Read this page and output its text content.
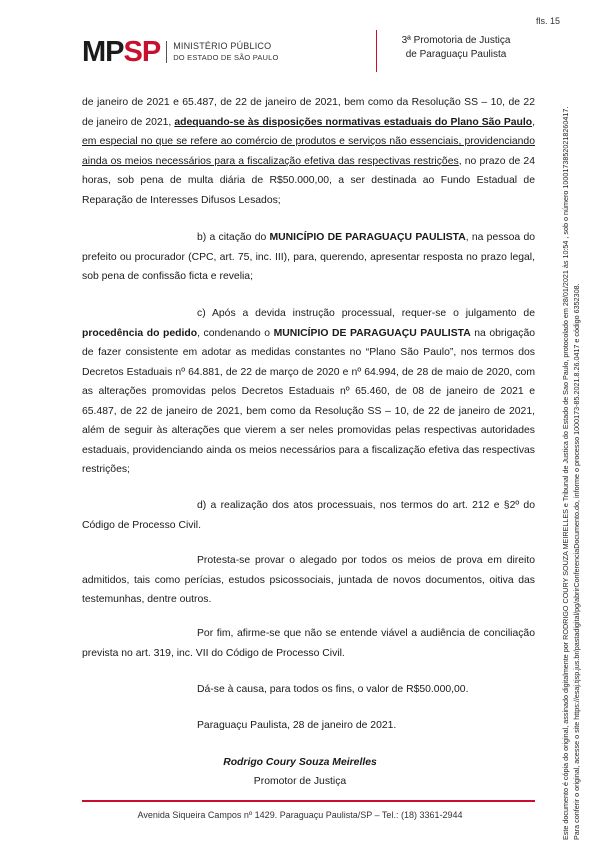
fls. 15
MP SP MINISTÉRIO PÚBLICO
DO ESTADO DE SÃO PAULO
3ª Promotoria de Justiça
de Paraguaçu Paulista

de janeiro de 2021 e 65.487, de 22 de janeiro de 2021, bem como da Resolução SS – 10, de 22 de janeiro de 2021, adequando-se às disposições normativas estaduais do Plano São Paulo, em especial no que se refere ao comércio de produtos e serviços não essenciais, providenciando ainda os meios necessários para a fiscalização efetiva das respectivas restrições, no prazo de 24 horas, sob pena de multa diária de R$50.000,00, a ser destinada ao Fundo Estadual de Reparação de Interesses Difusos Lesados;

b) a citação do MUNICÍPIO DE PARAGUAÇU PAULISTA, na pessoa do prefeito ou procurador (CPC, art. 75, inc. III), para, querendo, apresentar resposta no prazo legal, sob pena de confissão ficta e revelia;

c) Após a devida instrução processual, requer-se o julgamento de procedência do pedido, condenando o MUNICÍPIO DE PARAGUAÇU PAULISTA na obrigação de fazer consistente em adotar as medidas constantes no “Plano São Paulo”, nos termos dos Decretos Estaduais nº 64.881, de 22 de março de 2020 e nº 64.994, de 28 de maio de 2020, com as alterações promovidas pelos Decretos Estaduais nº 65.460, de 08 de janeiro de 2021 e 65.487, de 22 de janeiro de 2021, bem como da Resolução SS – 10, de 22 de janeiro de 2021, além de seguir às alterações que vierem a ser neles promovidas pelas respectivas autoridades estaduais, providenciando ainda os meios necessários para a fiscalização efetiva das respectivas restrições;

d) a realização dos atos processuais, nos termos do art. 212 e §2º do Código de Processo Civil.

Protesta-se provar o alegado por todos os meios de prova em direito admitidos, tais como perícias, estudos psicossociais, juntada de novos documentos, oitiva das testemunhas, dentre outros.

Por fim, afirme-se que não se entende viável a audiência de conciliação prevista no art. 319, inc. VII do Código de Processo Civil.

Dá-se à causa, para todos os fins, o valor de R$50.000,00.

Paraguaçu Paulista, 28 de janeiro de 2021.

Rodrigo Coury Souza Meirelles
Promotor de Justiça
Avenida Siqueira Campos nº 1429. Paraguaçu Paulista/SP – Tel.: (18) 3361-2944	Este documento é cópia do original, assinado digitalmente por RODRIGO COURY SOUZA MEIRELLES e Tribunal de Justica do Estado de Sao Paulo, protocolado em 28/01/2021 às 10:54 , sob o número 10001738520218260417. Para conferir o original, acesse o site https://esaj.tjsp.jus.br/pastadigital/pg/abrirConferenciaDocumento.do, informe o processo 1000173-85.2021.8.26.0417 e código 6352308.
